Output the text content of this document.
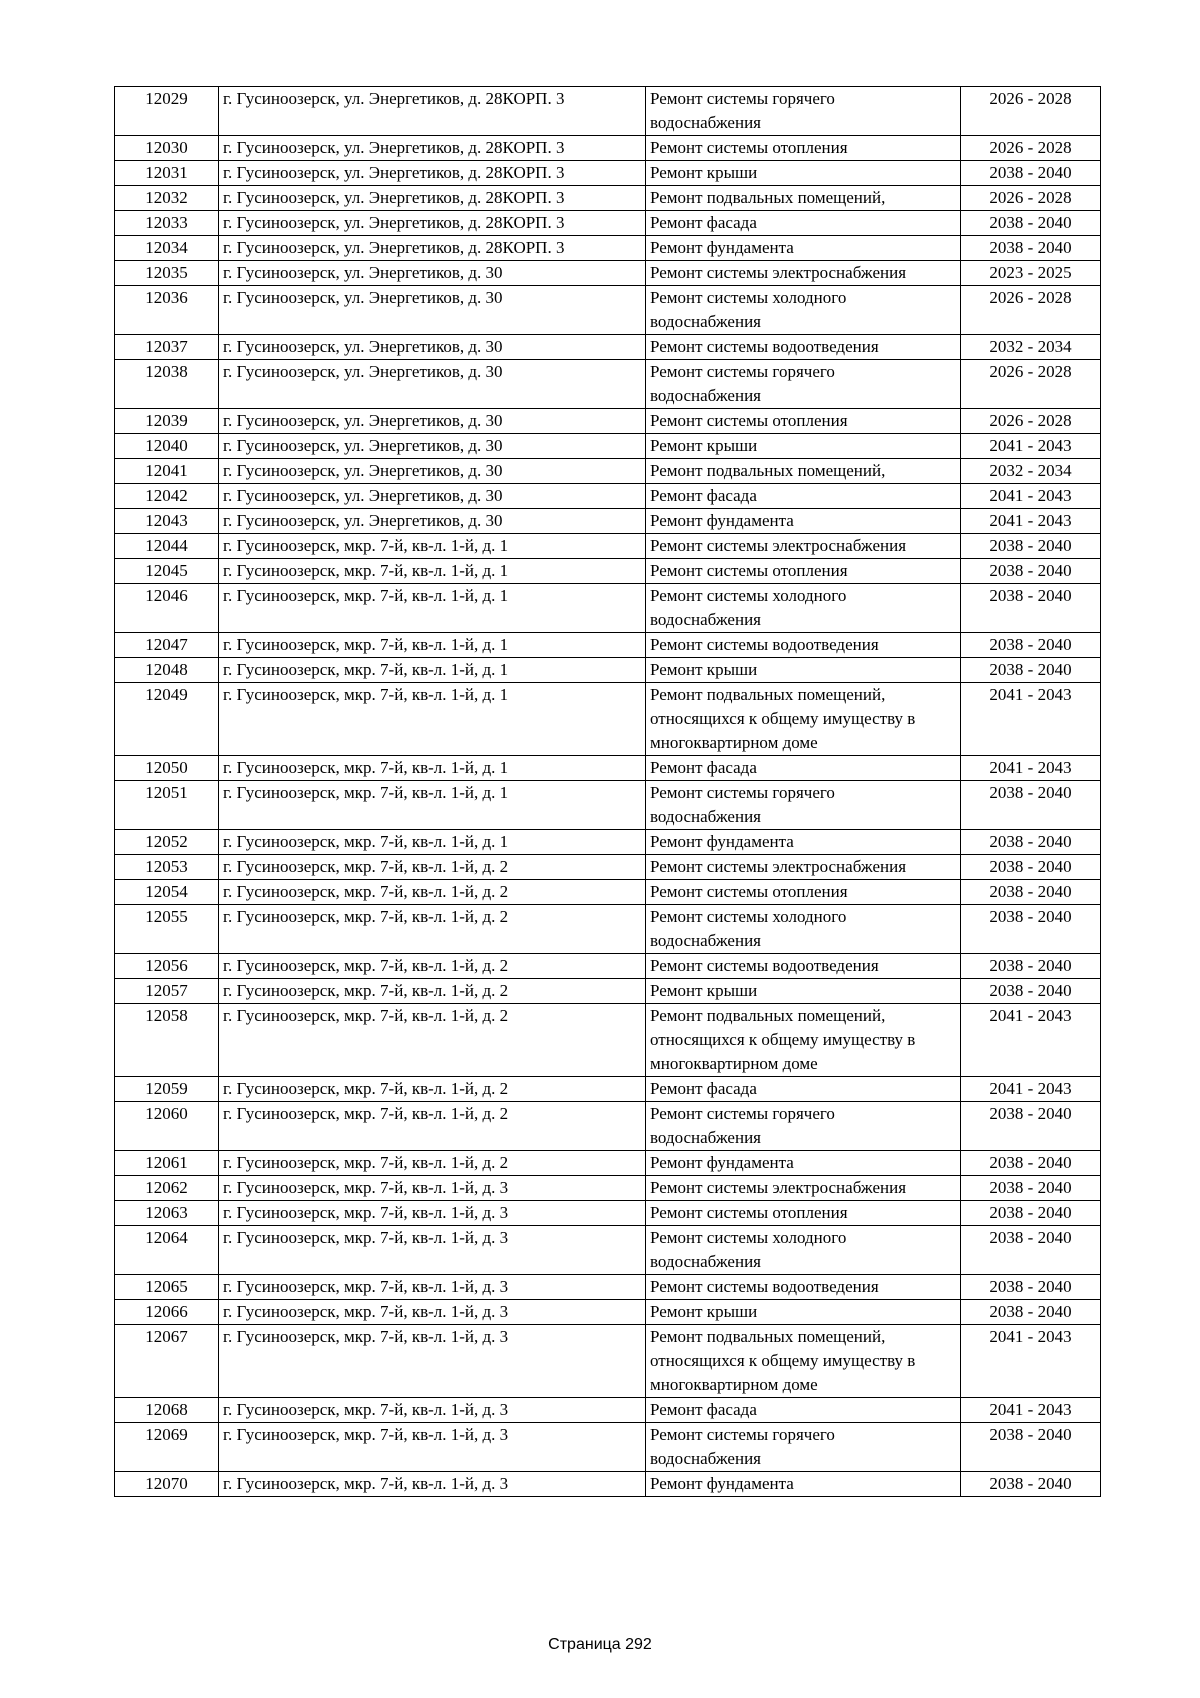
12029	г. Гусиноозерск, ул. Энергетиков, д. 28КОРП. 3	Ремонт системы горячего
водоснабжения	2026 - 2028
12030	г. Гусиноозерск, ул. Энергетиков, д. 28КОРП. 3	Ремонт системы отопления	2026 - 2028
12031	г. Гусиноозерск, ул. Энергетиков, д. 28КОРП. 3	Ремонт крыши	2038 - 2040
12032	г. Гусиноозерск, ул. Энергетиков, д. 28КОРП. 3	Ремонт подвальных помещений,	2026 - 2028
12033	г. Гусиноозерск, ул. Энергетиков, д. 28КОРП. 3	Ремонт фасада	2038 - 2040
12034	г. Гусиноозерск, ул. Энергетиков, д. 28КОРП. 3	Ремонт фундамента	2038 - 2040
12035	г. Гусиноозерск, ул. Энергетиков, д. 30	Ремонт системы электроснабжения	2023 - 2025
12036	г. Гусиноозерск, ул. Энергетиков, д. 30	Ремонт системы холодного
водоснабжения	2026 - 2028
12037	г. Гусиноозерск, ул. Энергетиков, д. 30	Ремонт системы водоотведения	2032 - 2034
12038	г. Гусиноозерск, ул. Энергетиков, д. 30	Ремонт системы горячего
водоснабжения	2026 - 2028
12039	г. Гусиноозерск, ул. Энергетиков, д. 30	Ремонт системы отопления	2026 - 2028
12040	г. Гусиноозерск, ул. Энергетиков, д. 30	Ремонт крыши	2041 - 2043
12041	г. Гусиноозерск, ул. Энергетиков, д. 30	Ремонт подвальных помещений,	2032 - 2034
12042	г. Гусиноозерск, ул. Энергетиков, д. 30	Ремонт фасада	2041 - 2043
12043	г. Гусиноозерск, ул. Энергетиков, д. 30	Ремонт фундамента	2041 - 2043
12044	г. Гусиноозерск, мкр. 7-й, кв-л. 1-й, д. 1	Ремонт системы электроснабжения	2038 - 2040
12045	г. Гусиноозерск, мкр. 7-й, кв-л. 1-й, д. 1	Ремонт системы отопления	2038 - 2040
12046	г. Гусиноозерск, мкр. 7-й, кв-л. 1-й, д. 1	Ремонт системы холодного
водоснабжения	2038 - 2040
12047	г. Гусиноозерск, мкр. 7-й, кв-л. 1-й, д. 1	Ремонт системы водоотведения	2038 - 2040
12048	г. Гусиноозерск, мкр. 7-й, кв-л. 1-й, д. 1	Ремонт крыши	2038 - 2040
12049	г. Гусиноозерск, мкр. 7-й, кв-л. 1-й, д. 1	Ремонт подвальных помещений,
относящихся к общему имуществу в
многоквартирном доме	2041 - 2043
12050	г. Гусиноозерск, мкр. 7-й, кв-л. 1-й, д. 1	Ремонт фасада	2041 - 2043
12051	г. Гусиноозерск, мкр. 7-й, кв-л. 1-й, д. 1	Ремонт системы горячего
водоснабжения	2038 - 2040
12052	г. Гусиноозерск, мкр. 7-й, кв-л. 1-й, д. 1	Ремонт фундамента	2038 - 2040
12053	г. Гусиноозерск, мкр. 7-й, кв-л. 1-й, д. 2	Ремонт системы электроснабжения	2038 - 2040
12054	г. Гусиноозерск, мкр. 7-й, кв-л. 1-й, д. 2	Ремонт системы отопления	2038 - 2040
12055	г. Гусиноозерск, мкр. 7-й, кв-л. 1-й, д. 2	Ремонт системы холодного
водоснабжения	2038 - 2040
12056	г. Гусиноозерск, мкр. 7-й, кв-л. 1-й, д. 2	Ремонт системы водоотведения	2038 - 2040
12057	г. Гусиноозерск, мкр. 7-й, кв-л. 1-й, д. 2	Ремонт крыши	2038 - 2040
12058	г. Гусиноозерск, мкр. 7-й, кв-л. 1-й, д. 2	Ремонт подвальных помещений,
относящихся к общему имуществу в
многоквартирном доме	2041 - 2043
12059	г. Гусиноозерск, мкр. 7-й, кв-л. 1-й, д. 2	Ремонт фасада	2041 - 2043
12060	г. Гусиноозерск, мкр. 7-й, кв-л. 1-й, д. 2	Ремонт системы горячего
водоснабжения	2038 - 2040
12061	г. Гусиноозерск, мкр. 7-й, кв-л. 1-й, д. 2	Ремонт фундамента	2038 - 2040
12062	г. Гусиноозерск, мкр. 7-й, кв-л. 1-й, д. 3	Ремонт системы электроснабжения	2038 - 2040
12063	г. Гусиноозерск, мкр. 7-й, кв-л. 1-й, д. 3	Ремонт системы отопления	2038 - 2040
12064	г. Гусиноозерск, мкр. 7-й, кв-л. 1-й, д. 3	Ремонт системы холодного
водоснабжения	2038 - 2040
12065	г. Гусиноозерск, мкр. 7-й, кв-л. 1-й, д. 3	Ремонт системы водоотведения	2038 - 2040
12066	г. Гусиноозерск, мкр. 7-й, кв-л. 1-й, д. 3	Ремонт крыши	2038 - 2040
12067	г. Гусиноозерск, мкр. 7-й, кв-л. 1-й, д. 3	Ремонт подвальных помещений,
относящихся к общему имуществу в
многоквартирном доме	2041 - 2043
12068	г. Гусиноозерск, мкр. 7-й, кв-л. 1-й, д. 3	Ремонт фасада	2041 - 2043
12069	г. Гусиноозерск, мкр. 7-й, кв-л. 1-й, д. 3	Ремонт системы горячего
водоснабжения	2038 - 2040
12070	г. Гусиноозерск, мкр. 7-й, кв-л. 1-й, д. 3	Ремонт фундамента	2038 - 2040
Страница 292
